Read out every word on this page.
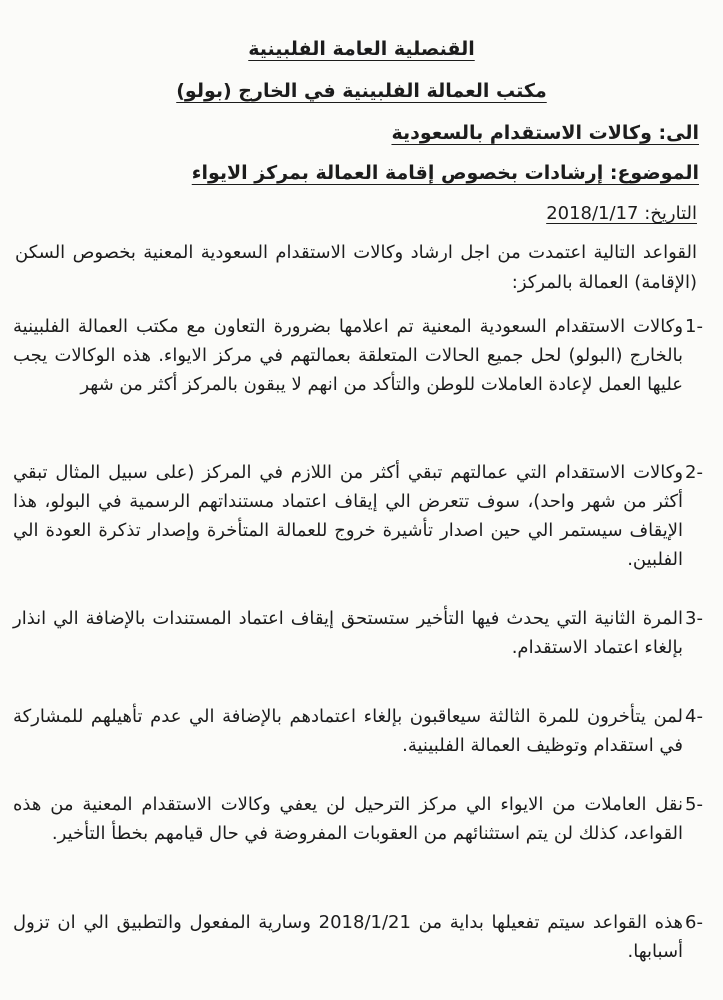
القنصلية العامة الفلبينية
مكتب العمالة الفلبينية في الخارج (بولو)
الى: وكالات الاستقدام بالسعودية
الموضوع: إرشادات بخصوص إقامة العمالة بمركز الايواء
التاريخ: 2018/1/17
القواعد التالية اعتمدت من اجل ارشاد وكالات الاستقدام السعودية المعنية بخصوص السكن (الإقامة) العمالة بالمركز:
1-
وكالات الاستقدام السعودية المعنية تم اعلامها بضرورة التعاون مع مكتب العمالة الفلبينية بالخارج (البولو) لحل جميع الحالات المتعلقة بعمالتهم في مركز الايواء. هذه الوكالات يجب عليها العمل لإعادة العاملات للوطن والتأكد من انهم لا يبقون بالمركز أكثر من شهر
2-
وكالات الاستقدام التي عمالتهم تبقي أكثر من اللازم في المركز (على سبيل المثال تبقي أكثر من شهر واحد)، سوف تتعرض الي إيقاف اعتماد مستنداتهم الرسمية في البولو، هذا الإيقاف سيستمر الي حين اصدار تأشيرة خروج للعمالة المتأخرة وإصدار تذكرة العودة الي الفلبين.
3-
المرة الثانية التي يحدث فيها التأخير ستستحق إيقاف اعتماد المستندات بالإضافة الي انذار بإلغاء اعتماد الاستقدام.
4-
لمن يتأخرون للمرة الثالثة سيعاقبون بإلغاء اعتمادهم بالإضافة الي عدم تأهيلهم للمشاركة في استقدام وتوظيف العمالة الفلبينية.
5-
نقل العاملات من الايواء الي مركز الترحيل لن يعفي وكالات الاستقدام المعنية من هذه القواعد، كذلك لن يتم استثنائهم من العقوبات المفروضة في حال قيامهم بخطأ التأخير.
6-
هذه القواعد سيتم تفعيلها بداية من 2018/1/21 وسارية المفعول والتطبيق الي ان تزول أسبابها.
